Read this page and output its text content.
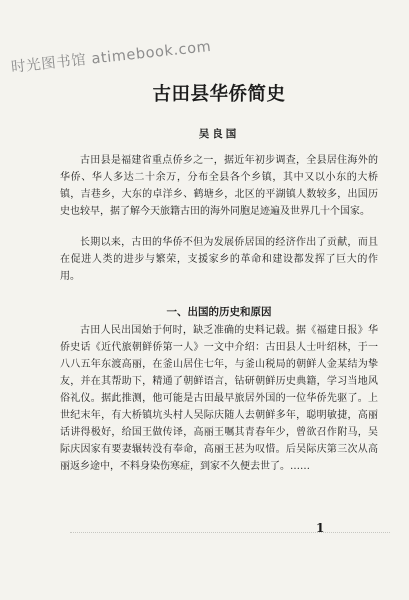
时光图书馆 atimebook.com
古田县华侨简史
吴良国

古田县是福建省重点侨乡之一，据近年初步调查，全县居住海外的华侨、华人多达二十余万，分布全县各个乡镇，其中又以小东的大桥镇，吉巷乡，大东的卓洋乡、鹤塘乡，北区的平湖镇人数较多，出国历史也较早，据了解今天旅籍古田的海外同胞足迹遍及世界几十个国家。

长期以来，古田的华侨不但为发展侨居国的经济作出了贡献，而且在促进人类的进步与繁荣，支援家乡的革命和建设都发挥了巨大的作用。

一、出国的历史和原因

古田人民出国始于何时，缺乏准确的史料记载。据《福建日报》华侨史话《近代旅朝鲜侨第一人》一文中介绍：古田县人士叶绍林，于一八八五年东渡高丽，在釜山居住七年，与釜山税局的朝鲜人金某结为挚友，并在其帮助下，精通了朝鲜语言，钻研朝鲜历史典籍，学习当地风俗礼仪。据此推测，他可能是古田最早旅居外国的一位华侨先驱了。上世纪末年，有大桥镇坑头村人吴际庆随人去朝鲜多年，聪明敏捷，高丽话讲得极好，给国王做传译，高丽王嘱其青春年少，曾欲召作附马，吴际庆因家有要妻辗转没有奉命，高丽王甚为叹惜。后吴际庆第三次从高丽返乡途中，不料身染伤寒症，到家不久便去世了。……

1
